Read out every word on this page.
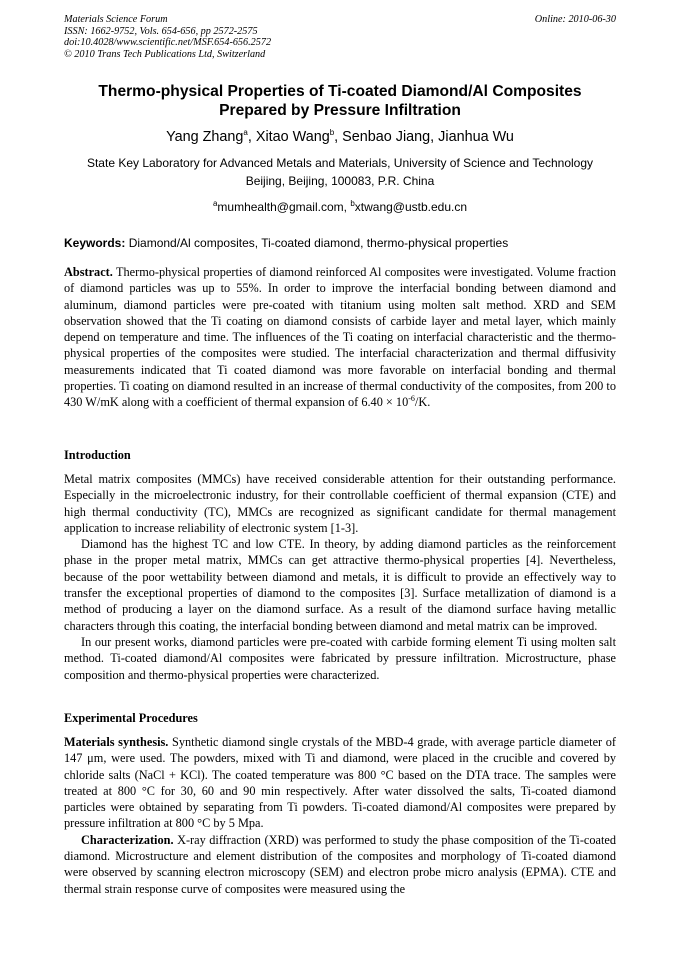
Materials Science Forum
ISSN: 1662-9752, Vols. 654-656, pp 2572-2575
doi:10.4028/www.scientific.net/MSF.654-656.2572
© 2010 Trans Tech Publications Ltd, Switzerland
Online: 2010-06-30
Thermo-physical Properties of Ti-coated Diamond/Al Composites
Prepared by Pressure Infiltration
Yang Zhang$^a$, Xitao Wang$^b$, Senbao Jiang, Jianhua Wu
State Key Laboratory for Advanced Metals and Materials, University of Science and Technology
Beijing, Beijing, 100083, P.R. China
$^a$mumhealth@gmail.com, $^b$xtwang@ustb.edu.cn
Keywords: Diamond/Al composites, Ti-coated diamond, thermo-physical properties

Abstract. Thermo-physical properties of diamond reinforced Al composites were investigated. Volume fraction of diamond particles was up to 55%. In order to improve the interfacial bonding between diamond and aluminum, diamond particles were pre-coated with titanium using molten salt method. XRD and SEM observation showed that the Ti coating on diamond consists of carbide layer and metal layer, which mainly depend on temperature and time. The influences of the Ti coating on interfacial characteristic and the thermo-physical properties of the composites were studied. The interfacial characterization and thermal diffusivity measurements indicated that Ti coated diamond was more favorable on interfacial bonding and thermal properties. Ti coating on diamond resulted in an increase of thermal conductivity of the composites, from 200 to 430 W/mK along with a coefficient of thermal expansion of $6.40 \times 10^{-6}/K$.

Introduction

Metal matrix composites (MMCs) have received considerable attention for their outstanding performance. Especially in the microelectronic industry, for their controllable coefficient of thermal expansion (CTE) and high thermal conductivity (TC), MMCs are recognized as significant candidate for thermal management application to increase reliability of electronic system [1-3].

Diamond has the highest TC and low CTE. In theory, by adding diamond particles as the reinforcement phase in the proper metal matrix, MMCs can get attractive thermo-physical properties [4]. Nevertheless, because of the poor wettability between diamond and metals, it is difficult to provide an effectively way to transfer the exceptional properties of diamond to the composites [3]. Surface metallization of diamond is a method of producing a layer on the diamond surface. As a result of the diamond surface having metallic characters through this coating, the interfacial bonding between diamond and metal matrix can be improved.

In our present works, diamond particles were pre-coated with carbide forming element Ti using molten salt method. Ti-coated diamond/Al composites were fabricated by pressure infiltration. Microstructure, phase composition and thermo-physical properties were characterized.

Experimental Procedures

Materials synthesis. Synthetic diamond single crystals of the MBD-4 grade, with average particle diameter of 147 μm, were used. The powders, mixed with Ti and diamond, were placed in the crucible and covered by chloride salts (NaCl + KCl). The coated temperature was 800 °C based on the DTA trace. The samples were treated at 800 °C for 30, 60 and 90 min respectively. After water dissolved the salts, Ti-coated diamond particles were obtained by separating from Ti powders. Ti-coated diamond/Al composites were prepared by pressure infiltration at 800 °C by 5 Mpa.

Characterization. X-ray diffraction (XRD) was performed to study the phase composition of the Ti-coated diamond. Microstructure and element distribution of the composites and morphology of Ti-coated diamond were observed by scanning electron microscopy (SEM) and electron probe micro analysis (EPMA). CTE and thermal strain response curve of composites were measured using the
